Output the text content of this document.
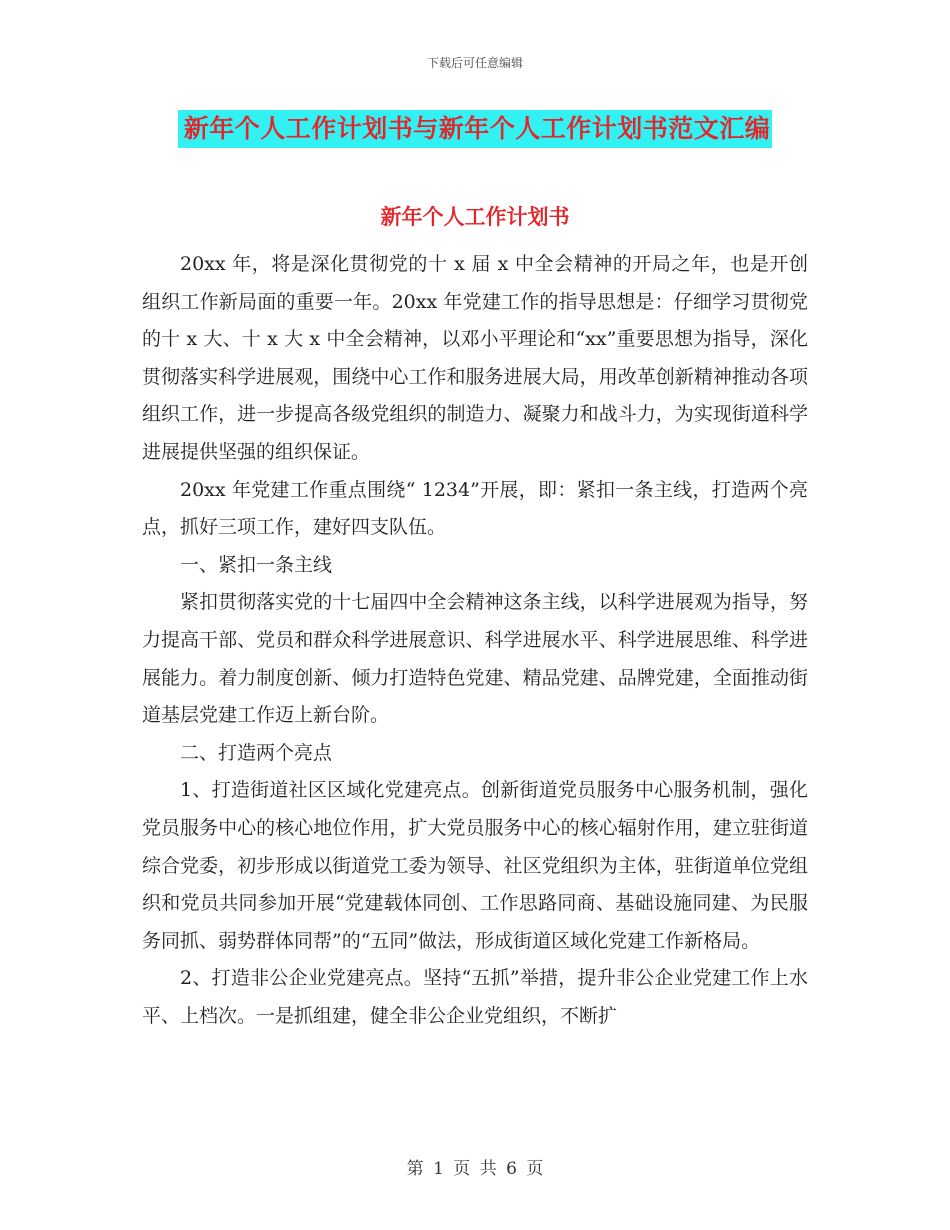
下载后可任意编辑
新年个人工作计划书与新年个人工作计划书范文汇编
新年个人工作计划书

20xx 年，将是深化贯彻党的十 x 届 x 中全会精神的开局之年，也是开创组织工作新局面的重要一年。20xx 年党建工作的指导思想是：仔细学习贯彻党的十 x 大、十 x 大 x 中全会精神，以邓小平理论和“xx”重要思想为指导，深化贯彻落实科学进展观，围绕中心工作和服务进展大局，用改革创新精神推动各项组织工作，进一步提高各级党组织的制造力、凝聚力和战斗力，为实现街道科学进展提供坚强的组织保证。

20xx 年党建工作重点围绕“ 1234”开展，即：紧扣一条主线，打造两个亮点，抓好三项工作，建好四支队伍。

一、紧扣一条主线

紧扣贯彻落实党的十七届四中全会精神这条主线，以科学进展观为指导，努力提高干部、党员和群众科学进展意识、科学进展水平、科学进展思维、科学进展能力。着力制度创新、倾力打造特色党建、精品党建、品牌党建，全面推动街道基层党建工作迈上新台阶。

二、打造两个亮点

1、打造街道社区区域化党建亮点。创新街道党员服务中心服务机制，强化党员服务中心的核心地位作用，扩大党员服务中心的核心辐射作用，建立驻街道综合党委，初步形成以街道党工委为领导、社区党组织为主体，驻街道单位党组织和党员共同参加开展“党建载体同创、工作思路同商、基础设施同建、为民服务同抓、弱势群体同帮”的“五同”做法，形成街道区域化党建工作新格局。

2、打造非公企业党建亮点。坚持“五抓”举措，提升非公企业党建工作上水平、上档次。一是抓组建，健全非公企业党组织，不断扩

第 1 页 共 6 页
